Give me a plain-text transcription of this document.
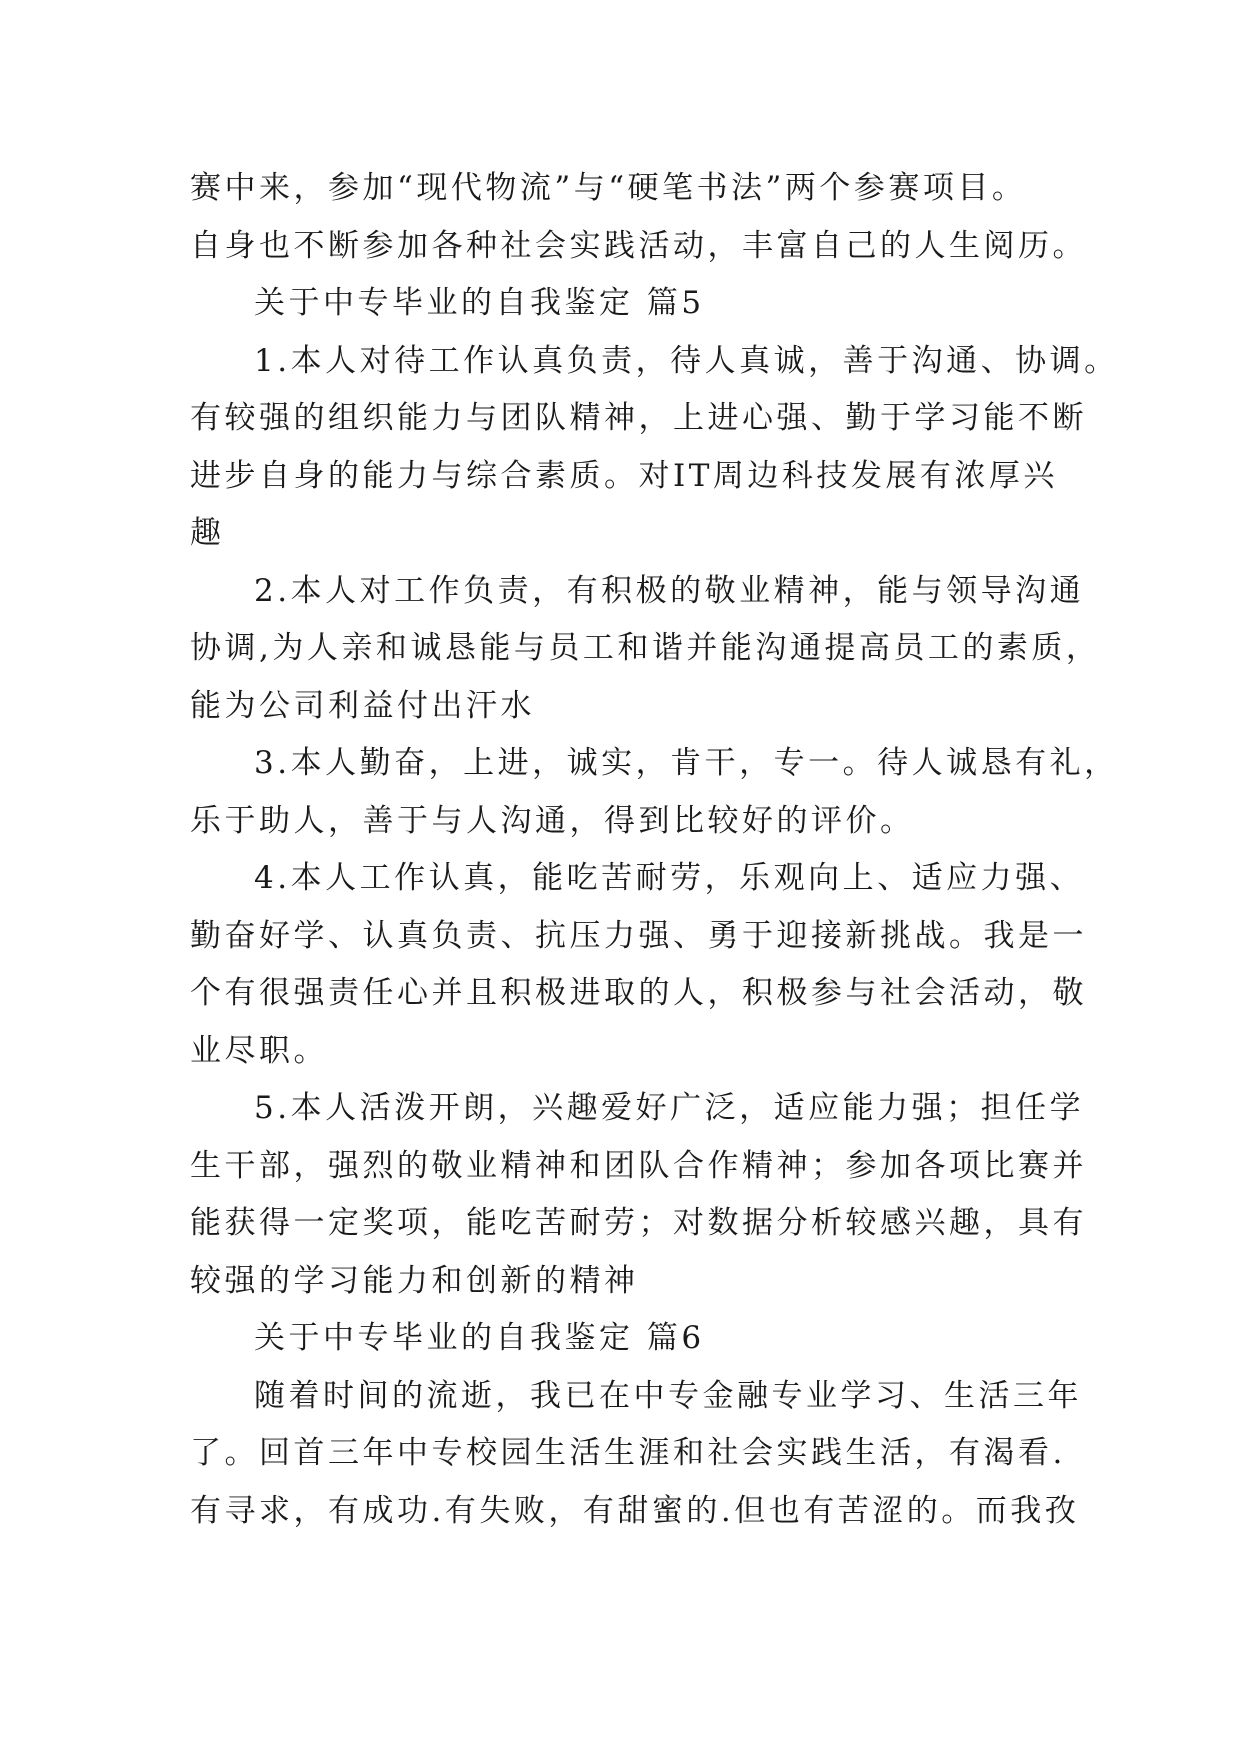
赛中来，参加“现代物流”与“硬笔书法”两个参赛项目。
自身也不断参加各种社会实践活动，丰富自己的人生阅历。
关于中专毕业的自我鉴定 篇5
1.本人对待工作认真负责，待人真诚，善于沟通、协调。
有较强的组织能力与团队精神，上进心强、勤于学习能不断
进步自身的能力与综合素质。对IT周边科技发展有浓厚兴
趣
2.本人对工作负责，有积极的敬业精神，能与领导沟通
协调,为人亲和诚恳能与员工和谐并能沟通提高员工的素质，
能为公司利益付出汗水
3.本人勤奋，上进，诚实，肯干，专一。待人诚恳有礼，
乐于助人，善于与人沟通，得到比较好的评价。
4.本人工作认真，能吃苦耐劳，乐观向上、适应力强、
勤奋好学、认真负责、抗压力强、勇于迎接新挑战。我是一
个有很强责任心并且积极进取的人，积极参与社会活动，敬
业尽职。
5.本人活泼开朗，兴趣爱好广泛，适应能力强；担任学
生干部，强烈的敬业精神和团队合作精神；参加各项比赛并
能获得一定奖项，能吃苦耐劳；对数据分析较感兴趣，具有
较强的学习能力和创新的精神
关于中专毕业的自我鉴定 篇6
随着时间的流逝，我已在中专金融专业学习、生活三年
了。回首三年中专校园生活生涯和社会实践生活，有渴看.
有寻求，有成功.有失败，有甜蜜的.但也有苦涩的。而我孜
